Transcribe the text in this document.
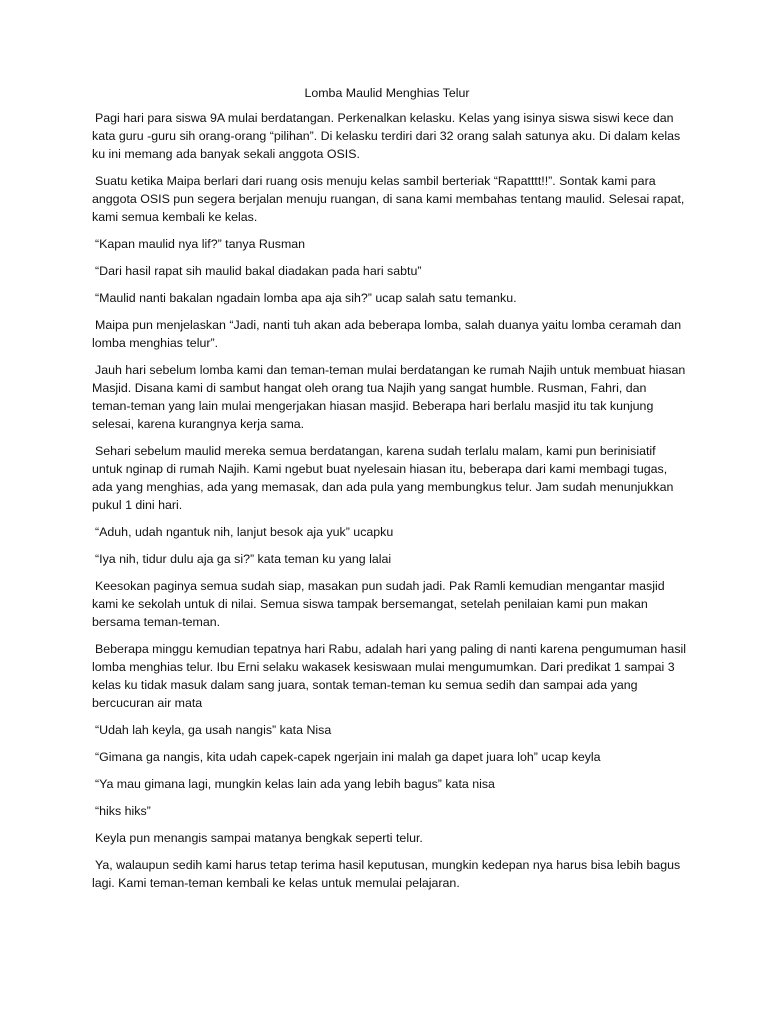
Lomba Maulid Menghias Telur

Pagi hari para siswa 9A mulai berdatangan. Perkenalkan kelasku. Kelas yang isinya siswa siswi kece dan kata guru -guru sih orang-orang “pilihan”. Di kelasku terdiri dari 32 orang salah satunya aku. Di dalam kelas ku ini memang ada banyak sekali anggota OSIS.

Suatu ketika Maipa berlari dari ruang osis menuju kelas sambil berteriak “Rapatttt!!”. Sontak kami para anggota OSIS pun segera berjalan menuju ruangan, di sana kami membahas tentang maulid. Selesai rapat, kami semua kembali ke kelas.

“Kapan maulid nya lif?” tanya Rusman

“Dari hasil rapat sih maulid bakal diadakan pada hari sabtu”

“Maulid nanti bakalan ngadain lomba apa aja sih?” ucap salah satu temanku.

Maipa pun menjelaskan “Jadi, nanti tuh akan ada beberapa lomba, salah duanya yaitu lomba ceramah dan lomba menghias telur”.

Jauh hari sebelum lomba kami dan teman-teman mulai berdatangan ke rumah Najih untuk membuat hiasan Masjid. Disana kami di sambut hangat oleh orang tua Najih yang sangat humble. Rusman, Fahri, dan teman-teman yang lain mulai mengerjakan hiasan masjid. Beberapa hari berlalu masjid itu tak kunjung selesai, karena kurangnya kerja sama.

Sehari sebelum maulid mereka semua berdatangan, karena sudah terlalu malam, kami pun berinisiatif untuk nginap di rumah Najih. Kami ngebut buat nyelesain hiasan itu, beberapa dari kami membagi tugas, ada yang menghias, ada yang memasak, dan ada pula yang membungkus telur. Jam sudah menunjukkan pukul 1 dini hari.

“Aduh, udah ngantuk nih, lanjut besok aja yuk” ucapku

“Iya nih, tidur dulu aja ga si?” kata teman ku yang lalai

Keesokan paginya semua sudah siap, masakan pun sudah jadi. Pak Ramli kemudian mengantar masjid kami ke sekolah untuk di nilai. Semua siswa tampak bersemangat, setelah penilaian kami pun makan bersama teman-teman.

Beberapa minggu kemudian tepatnya hari Rabu, adalah hari yang paling di nanti karena pengumuman hasil lomba menghias telur. Ibu Erni selaku wakasek kesiswaan mulai mengumumkan. Dari predikat 1 sampai 3 kelas ku tidak masuk dalam sang juara, sontak teman-teman ku semua sedih dan sampai ada yang bercucuran air mata

“Udah lah keyla, ga usah nangis” kata Nisa

“Gimana ga nangis, kita udah capek-capek ngerjain ini malah ga dapet juara loh” ucap keyla

“Ya mau gimana lagi, mungkin kelas lain ada yang lebih bagus” kata nisa

“hiks hiks”

Keyla pun menangis sampai matanya bengkak seperti telur.

Ya, walaupun sedih kami harus tetap terima hasil keputusan, mungkin kedepan nya harus bisa lebih bagus lagi. Kami teman-teman kembali ke kelas untuk memulai pelajaran.
